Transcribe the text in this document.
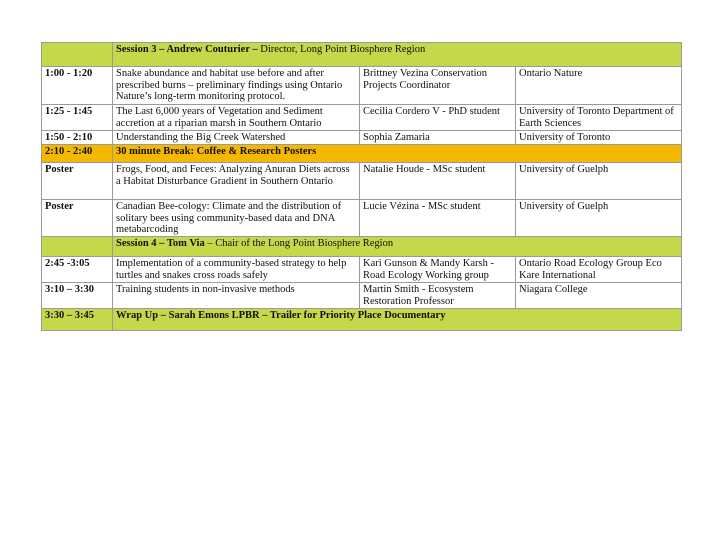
	Session 3 – Andrew Couturier – Director, Long Point Biosphere Region		
1:00 - 1:20	Snake abundance and habitat use before and after prescribed burns – preliminary findings using Ontario Nature’s long-term monitoring protocol.	Brittney Vezina Conservation Projects Coordinator	Ontario Nature
1:25 - 1:45	The Last 6,000 years of Vegetation and Sediment accretion at a riparian marsh in Southern Ontario	Cecilia Cordero V - PhD student	University of Toronto Department of Earth Sciences
1:50 - 2:10	Understanding the Big Creek Watershed	Sophia Zamaria	University of Toronto
2:10 - 2:40	30 minute Break: Coffee & Research Posters		
Poster	Frogs, Food, and Feces: Analyzing Anuran Diets across a Habitat Disturbance Gradient in Southern Ontario	Natalie Houde - MSc student	University of Guelph
Poster	Canadian Bee-cology: Climate and the distribution of solitary bees using community-based data and DNA metabarcoding	Lucie Vézina - MSc student	University of Guelph
	Session 4 – Tom Via – Chair of the Long Point Biosphere Region		
2:45 -3:05	Implementation of a community-based strategy to help turtles and snakes cross roads safely	Kari Gunson & Mandy Karsh - Road Ecology Working group	Ontario Road Ecology Group Eco Kare International
3:10 – 3:30	Training students in non-invasive methods	Martin Smith - Ecosystem Restoration Professor	Niagara College
3:30 – 3:45	Wrap Up – Sarah Emons LPBR – Trailer for Priority Place Documentary		
